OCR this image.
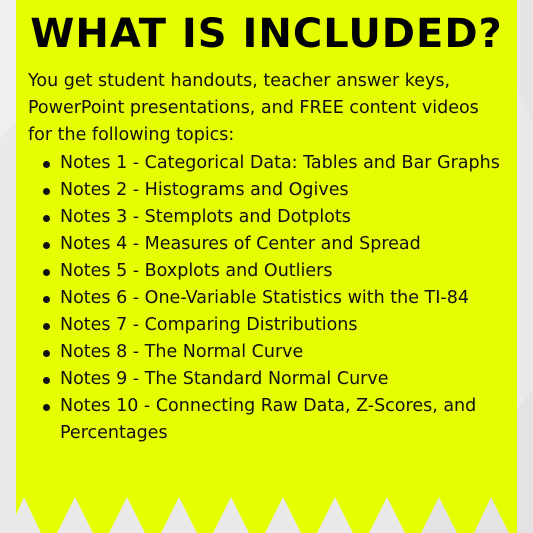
WHAT IS INCLUDED?

You get student handouts, teacher answer keys, PowerPoint presentations, and FREE content videos for the following topics:

Notes 1 - Categorical Data: Tables and Bar Graphs
Notes 2 - Histograms and Ogives
Notes 3 - Stemplots and Dotplots
Notes 4 - Measures of Center and Spread
Notes 5 - Boxplots and Outliers
Notes 6 - One-Variable Statistics with the TI-84
Notes 7 - Comparing Distributions
Notes 8 - The Normal Curve
Notes 9 - The Standard Normal Curve
Notes 10 - Connecting Raw Data, Z-Scores, and Percentages
